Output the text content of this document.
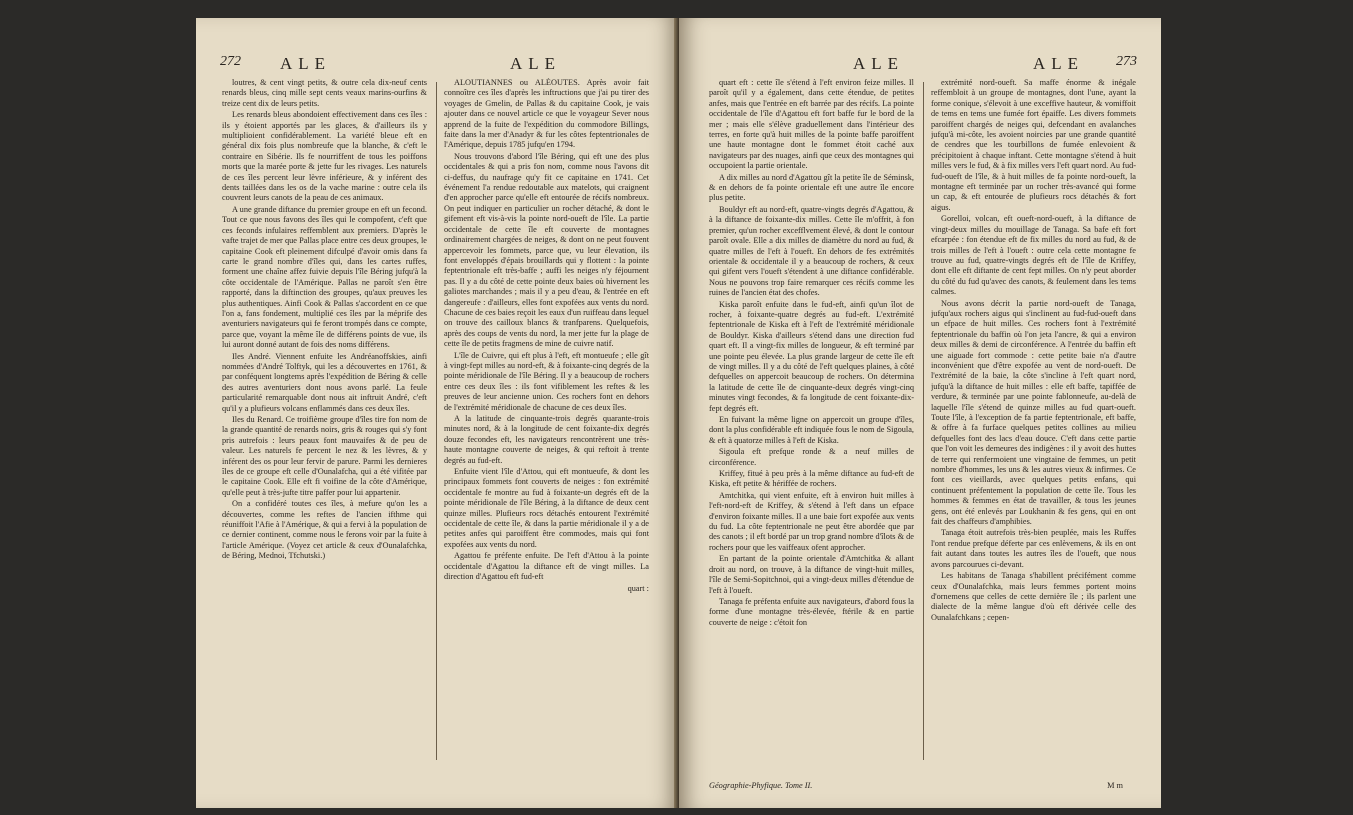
272 ALE	ALE

loutres, & cent vingt petits, & outre cela dix-neuf cents renards bleus, cinq mille sept cents veaux marins-ourfins & treize cent dix de leurs petits.

Les renards bleus abondoient effectivement dans ces îles : ils y étoient apportés par les glaces, & d'ailleurs ils y multiplioient confidérablement. La variété bleue eft en général dix fois plus nombreufe que la blanche, & c'eft le contraire en Sibérie. Ils fe nourriffent de tous les poiffons morts que la marée porte & jette fur les rivages. Les naturels de ces îles percent leur lèvre inférieure, & y inférent des dents taillées dans les os de la vache marine : outre cela ils couvrent leurs canots de la peau de ces animaux.

A une grande diftance du premier groupe en eft un fecond. Tout ce que nous favons des îles qui le compofent, c'eft que ces feconds infulaires reffemblent aux premiers. D'après le vafte trajet de mer que Pallas place entre ces deux groupes, le capitaine Cook eft pleinement difculpé d'avoir omis dans fa carte le grand nombre d'îles qui, dans les cartes ruffes, forment une chaîne affez fuivie depuis l'île Béring jufqu'à la côte occidentale de l'Amérique. Pallas ne paroît s'en être rapporté, dans la diftinction des groupes, qu'aux preuves les plus authentiques. Ainfi Cook & Pallas s'accordent en ce que l'on a, fans fondement, multiplié ces îles par la méprife des aventuriers navigateurs qui fe feront trompés dans ce compte, parce que, voyant la même île de différens points de vue, ils lui auront donné autant de fois des noms différens.

Iles André. Viennent enfuite les Andréanoffskies, ainfi nommées d'André Tolftyk, qui les a découvertes en 1761, & par conféquent longtems après l'expédition de Béring & celle des autres aventuriers dont nous avons parlé. La feule particularité remarquable dont nous ait inftruit André, c'eft qu'il y a plufieurs volcans enflammés dans ces deux îles.

Iles du Renard. Ce troifième groupe d'îles tire fon nom de la grande quantité de renards noirs, gris & rouges qui s'y font pris autrefois : leurs peaux font mauvaifes & de peu de valeur. Les naturels fe percent le nez & les lèvres, & y inférent des os pour leur fervir de parure. Parmi les dernieres îles de ce groupe eft celle d'Ounalafcha, qui a été vifitée par le capitaine Cook. Elle eft fi voifine de la côte d'Amérique, qu'elle peut à très-jufte titre paffer pour lui appartenir.

On a confidéré toutes ces îles, à mefure qu'on les a découvertes, comme les reftes de l'ancien ifthme qui réuniffoit l'Afie à l'Amérique, & qui a fervi à la population de ce dernier continent, comme nous le ferons voir par la fuite à l'article Amérique. (Voyez cet article & ceux d'Ounalafchka, de Béring, Mednoi, Tfchutski.)

ALOUTIANNES ou ALÉOUTES. Après avoir fait connoître ces îles d'après les inftructions que j'ai pu tirer des voyages de Gmelin, de Pallas & du capitaine Cook, je vais ajouter dans ce nouvel article ce que le voyageur Sever nous apprend de la fuite de l'expédition du commodore Billings, faite dans la mer d'Anadyr & fur les côtes feptentrionales de l'Amérique, depuis 1785 jufqu'en 1794.

Nous trouvons d'abord l'île Béring, qui eft une des plus occidentales & qui a pris fon nom, comme nous l'avons dit ci-deffus, du naufrage qu'y fit ce capitaine en 1741. Cet événement l'a rendue redoutable aux matelots, qui craignent d'en approcher parce qu'elle eft entourée de récifs nombreux. On peut indiquer en particulier un rocher détaché, & dont le gifement eft vis-à-vis la pointe nord-oueft de l'île. La partie occidentale de cette île eft couverte de montagnes ordinairement chargées de neiges, & dont on ne peut fouvent appercevoir les fommets, parce que, vu leur élevation, ils font enveloppés d'épais brouillards qui y flottent : la pointe feptentrionale eft très-baffe ; auffi les neiges n'y féjournent pas. Il y a du côté de cette pointe deux baies où hivernent les galiotes marchandes ; mais il y a peu d'eau, & l'entrée en eft dangereufe : d'ailleurs, elles font expofées aux vents du nord. Chacune de ces baies reçoit les eaux d'un ruiffeau dans lequel on trouve des cailloux blancs & tranfparens. Quelquefois, après des coups de vents du nord, la mer jette fur la plage de cette île de petits fragmens de mine de cuivre natif.

L'île de Cuivre, qui eft plus à l'eft, eft montueufe ; elle gît à vingt-fept milles au nord-eft, & à foixante-cinq degrés de la pointe méridionale de l'île Béring. Il y a beaucoup de rochers entre ces deux îles : ils font vifiblement les reftes & les preuves de leur ancienne union. Ces rochers font en dehors de l'extrémité méridionale de chacune de ces deux îles.

A la latitude de cinquante-trois degrés quarante-trois minutes nord, & à la longitude de cent foixante-dix degrés douze fecondes eft, les navigateurs rencontrèrent une très-haute montagne couverte de neiges, & qui reftoit à trente degrés au fud-eft.

Enfuite vient l'île d'Attou, qui eft montueufe, & dont les principaux fommets font couverts de neiges : fon extrémité occidentale fe montre au fud à foixante-un degrés eft de la pointe méridionale de l'île Béring, à la diftance de deux cent quinze milles. Plufieurs rocs détachés entourent l'extrémité occidentale de cette île, & dans la partie méridionale il y a de petites anfes qui paroiffent être commodes, mais qui font expofées aux vents du nord.

Agattou fe préfente enfuite. De l'eft d'Attou à la pointe occidentale d'Agattou la diftance eft de vingt milles. La direction d'Agattou eft fud-eft

quart :
ALE	ALE 273

quart eft : cette île s'étend à l'eft environ feize milles. Il paroît qu'il y a également, dans cette étendue, de petites anfes, mais que l'entrée en eft barrée par des récifs. La pointe occidentale de l'île d'Agattou eft fort baffe fur le bord de la mer ; mais elle s'élève graduellement dans l'intérieur des terres, en forte qu'à huit milles de la pointe baffe paroiffent une haute montagne dont le fommet étoit caché aux navigateurs par des nuages, ainfi que ceux des montagnes qui occupoient la partie orientale.

A dix milles au nord d'Agattou gît la petite île de Séminsk, & en dehors de fa pointe orientale eft une autre île encore plus petite.

Bouldyr eft au nord-eft, quatre-vingts degrés d'Agattou, & à la diftance de foixante-dix milles. Cette île m'offrit, à fon premier, qu'un rocher excefflvement élevé, & dont le contour paroît ovale. Elle a dix milles de diamètre du nord au fud, & quatre milles de l'eft à l'oueft. En dehors de fes extrémités orientale & occidentale il y a beaucoup de rochers, & ceux qui gifent vers l'oueft s'étendent à une diftance confidérable. Nous ne pouvons trop faire remarquer ces récifs comme les ruines de l'ancien état des chofes.

Kiska paroît enfuite dans le fud-eft, ainfi qu'un îlot de rocher, à foixante-quatre degrés au fud-eft. L'extrémité feptentrionale de Kiska eft à l'eft de l'extrémité méridionale de Bouldyr. Kiska d'ailleurs s'étend dans une direction fud quart eft. Il a vingt-fix milles de longueur, & eft terminé par une pointe peu élevée. La plus grande largeur de cette île eft de vingt milles. Il y a du côté de l'eft quelques plaines, à côté defquelles on appercoit beaucoup de rochers. On détermina la latitude de cette île de cinquante-deux degrés vingt-cinq minutes vingt fecondes, & fa longitude de cent foixante-dix-fept degrés eft.

En fuivant la même ligne on appercoit un groupe d'îles, dont la plus confidérable eft indiquée fous le nom de Sigoula, & eft à quatorze milles à l'eft de Kiska.

Sigoula eft prefque ronde & a neuf milles de circonférence.

Kriffey, fitué à peu près à la même diftance au fud-eft de Kiska, eft petite & hériffée de rochers.

Amtchitka, qui vient enfuite, eft à environ huit milles à l'eft-nord-eft de Kriffey, & s'étend à l'eft dans un efpace d'environ foixante milles. Il a une baie fort expofée aux vents du fud. La côte feptentrionale ne peut être abordée que par des canots ; il eft bordé par un trop grand nombre d'îlots & de rochers pour que les vaiffeaux ofent approcher.

En partant de la pointe orientale d'Amtchitka & allant droit au nord, on trouve, à la diftance de vingt-huit milles, l'île de Semi-Sopitchnoi, qui a vingt-deux milles d'étendue de l'eft à l'oueft.

Tanaga fe préfenta enfuite aux navigateurs, d'abord fous la forme d'une montagne très-élevée, ftérile & en partie couverte de neige : c'étoit fon

extrémité nord-oueft. Sa maffe énorme & inégale reffembloit à un groupe de montagnes, dont l'une, ayant la forme conique, s'élevoit à une exceffive hauteur, & vomiffoit de tems en tems une fumée fort épaiffe. Les divers fommets paroiffent chargés de neiges qui, defcendant en avalanches jufqu'à mi-côte, les avoient noircies par une grande quantité de cendres que les tourbillons de fumée enlevoient & précipitoient à chaque inftant. Cette montagne s'étend à huit milles vers le fud, & à fix milles vers l'eft quart nord. Au fud-fud-oueft de l'île, & à huit milles de fa pointe nord-oueft, la montagne eft terminée par un rocher très-avancé qui forme un cap, & eft entourée de plufieurs rocs détachés & fort aigus.

Gorelloi, volcan, eft oueft-nord-oueft, à la diftance de vingt-deux milles du mouillage de Tanaga. Sa bafe eft fort efcarpée : fon étendue eft de fix milles du nord au fud, & de trois milles de l'eft à l'oueft : outre cela cette montagne fe trouve au fud, quatre-vingts degrés eft de l'île de Kriffey, dont elle eft diftante de cent fept milles. On n'y peut aborder du côté du fud qu'avec des canots, & feulement dans les tems calmes.

Nous avons décrit la partie nord-oueft de Tanaga, jufqu'aux rochers aigus qui s'inclinent au fud-fud-oueft dans un efpace de huit milles. Ces rochers font à l'extrémité feptentrionale du baffin où l'on jeta l'ancre, & qui a environ deux milles & demi de circonférence. A l'entrée du baffin eft une aiguade fort commode : cette petite baie n'a d'autre inconvénient que d'être expofée au vent de nord-oueft. De l'extrémité de la baie, la côte s'incline à l'eft quart nord, jufqu'à la diftance de huit milles : elle eft baffe, tapiffée de verdure, & terminée par une pointe fablonneufe, au-delà de laquelle l'île s'étend de quinze milles au fud quart-oueft. Toute l'île, à l'exception de fa partie feptentrionale, eft baffe, & offre à fa furface quelques petites collines au milieu defquelles font des lacs d'eau douce. C'eft dans cette partie que l'on voit les demeures des indigènes : il y avoit des huttes de terre qui renfermoient une vingtaine de femmes, un petit nombre d'hommes, les uns & les autres vieux & infirmes. Ce font ces vieillards, avec quelques petits enfans, qui continuent préfentement la population de cette île. Tous les hommes & femmes en état de travailler, & tous les jeunes gens, ont été enlevés par Loukhanin & fes gens, qui en ont fait des chaffeurs d'amphibies.

Tanaga étoit autrefois très-bien peuplée, mais les Ruffes l'ont rendue prefque déferte par ces enlèvemens, & ils en ont fait autant dans toutes les autres îles de l'oueft, que nous avons parcourues ci-devant.

Les habitans de Tanaga s'habillent précifément comme ceux d'Ounalafchka, mais leurs femmes portent moins d'ornemens que celles de cette dernière île ; ils parlent une dialecte de la même langue d'où eft dérivée celle des Ounalafchkans ; cepen-

Géographie-Phyfique. Tome II.	M m
